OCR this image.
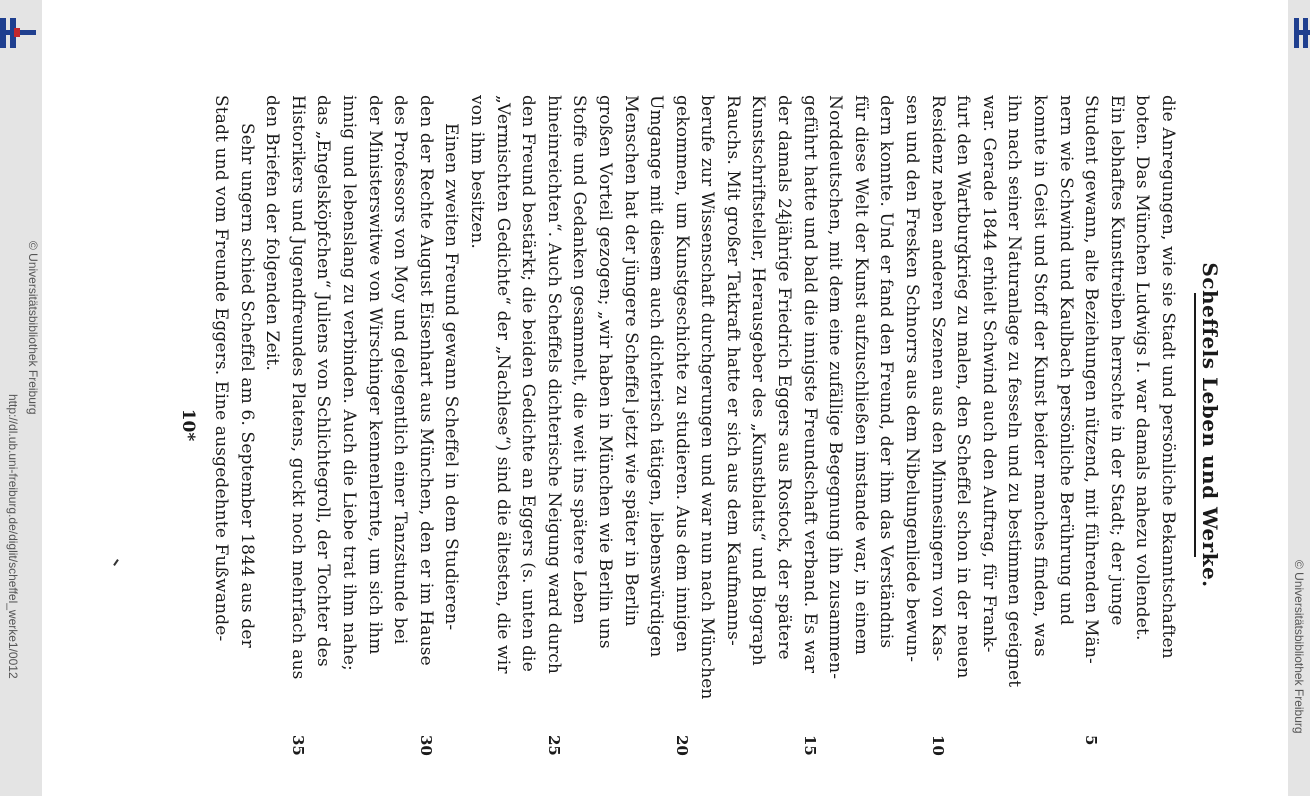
http://dl.ub.uni-freiburg.de/diglit/scheffel_werke1/0012
© Universitätsbibliothek Freiburg
© Universitätsbibliothek Freiburg
Scheffels Leben und Werke.
die Anregungen, wie sie Stadt und persönliche Bekanntschaften
boten. Das München Ludwigs I. war damals nahezu vollendet.
Ein lebhaftes Kunsttreiben herrschte in der Stadt; der junge
Student gewann, alte Beziehungen nützend, mit führenden Män-
5
nern wie Schwind und Kaulbach persönliche Berührung und
konnte in Geist und Stoff der Kunst beider manches finden, was
ihn nach seiner Naturanlage zu fesseln und zu bestimmen geeignet
war. Gerade 1844 erhielt Schwind auch den Auftrag, für Frank-
furt den Wartburgkrieg zu malen, den Scheffel schon in der neuen
Residenz neben anderen Szenen aus den Minnesingern von Kas-
10
sen und den Fresken Schnorrs aus dem Nibelungenliede bewun-
dern konnte. Und er fand den Freund, der ihm das Verständnis
für diese Welt der Kunst aufzuschließen imstande war, in einem
Norddeutschen, mit dem eine zufällige Begegnung ihn zusammen-
geführt hatte und bald die innigste Freundschaft verband. Es war
15
der damals 24jährige Friedrich Eggers aus Rostock, der spätere
Kunstschriftsteller, Herausgeber des „Kunstblatts“ und Biograph
Rauchs. Mit großer Tatkraft hatte er sich aus dem Kaufmanns-
berufe zur Wissenschaft durchgerungen und war nun nach München
gekommen, um Kunstgeschichte zu studieren. Aus dem innigen
20
Umgange mit diesem auch dichterisch tätigen, liebenswürdigen
Menschen hat der jüngere Scheffel jetzt wie später in Berlin
großen Vorteil gezogen; „wir haben in München wie Berlin uns
Stoffe und Gedanken gesammelt, die weit ins spätere Leben
hineinreichten“. Auch Scheffels dichterische Neigung ward durch
25
den Freund bestärkt; die beiden Gedichte an Eggers (s. unten die
„Vermischten Gedichte“ der „Nachlese“) sind die ältesten, die wir
von ihm besitzen.
Einen zweiten Freund gewann Scheffel in dem Studieren-
den der Rechte August Eisenhart aus München, den er im Hause
30
des Professors von Moy und gelegentlich einer Tanzstunde bei
der Ministerswitwe von Wirschinger kennenlernte, um sich ihm
innig und lebenslang zu verbinden. Auch die Liebe trat ihm nahe;
das „Engelsköpfchen“ Juliens von Schlichtegroll, der Tochter des
Historikers und Jugendfreundes Platens, guckt noch mehrfach aus
35
den Briefen der folgenden Zeit.
Sehr ungern schied Scheffel am 6. September 1844 aus der
Stadt und vom Freunde Eggers. Eine ausgedehnte Fußwande-
10*
